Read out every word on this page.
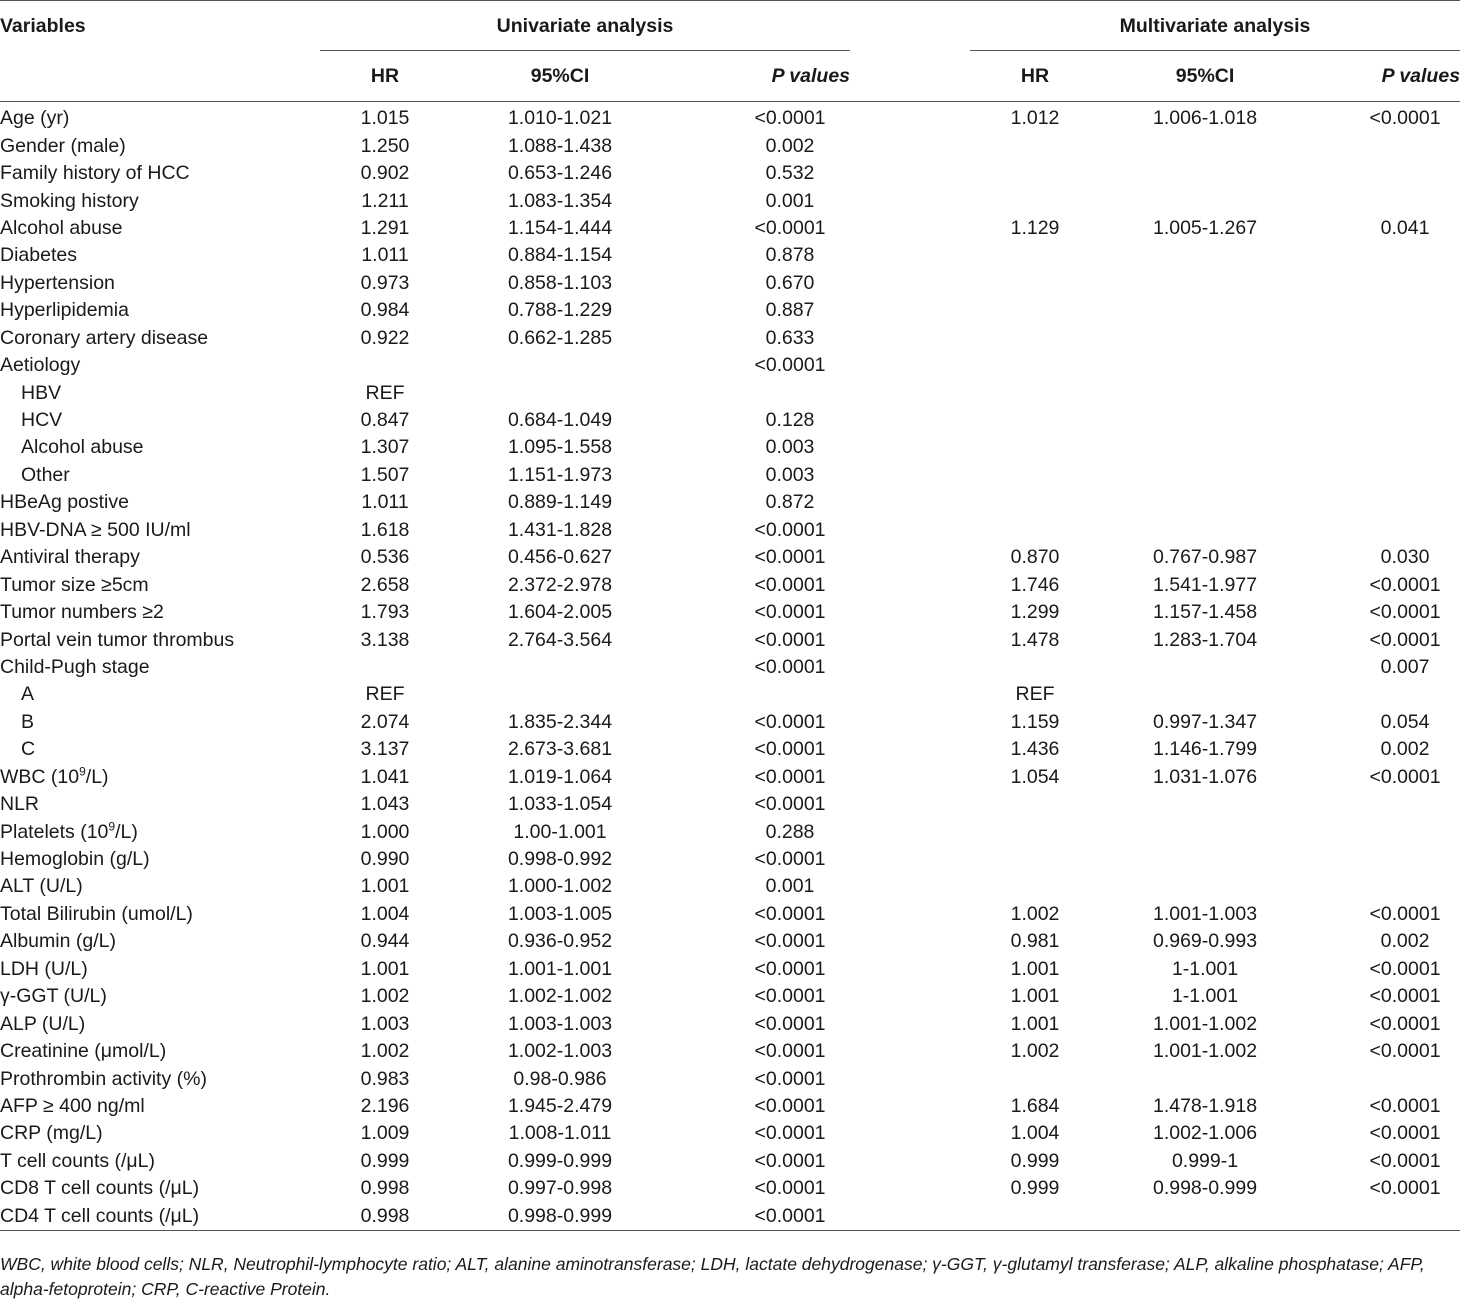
Variables	Univariate analysis				Multivariate analysis		
	HR	95%CI	P values		HR	95%CI	P values
Age (yr)	1.015	1.010-1.021	<0.0001		1.012	1.006-1.018	<0.0001
Gender (male)	1.250	1.088-1.438	0.002				
Family history of HCC	0.902	0.653-1.246	0.532				
Smoking history	1.211	1.083-1.354	0.001				
Alcohol abuse	1.291	1.154-1.444	<0.0001		1.129	1.005-1.267	0.041
Diabetes	1.011	0.884-1.154	0.878				
Hypertension	0.973	0.858-1.103	0.670				
Hyperlipidemia	0.984	0.788-1.229	0.887				
Coronary artery disease	0.922	0.662-1.285	0.633				
Aetiology			<0.0001				
HBV	REF						
HCV	0.847	0.684-1.049	0.128				
Alcohol abuse	1.307	1.095-1.558	0.003				
Other	1.507	1.151-1.973	0.003				
HBeAg postive	1.011	0.889-1.149	0.872				
HBV-DNA ≥ 500 IU/ml	1.618	1.431-1.828	<0.0001				
Antiviral therapy	0.536	0.456-0.627	<0.0001		0.870	0.767-0.987	0.030
Tumor size ≥5cm	2.658	2.372-2.978	<0.0001		1.746	1.541-1.977	<0.0001
Tumor numbers ≥2	1.793	1.604-2.005	<0.0001		1.299	1.157-1.458	<0.0001
Portal vein tumor thrombus	3.138	2.764-3.564	<0.0001		1.478	1.283-1.704	<0.0001
Child-Pugh stage			<0.0001				0.007
A	REF				REF		
B	2.074	1.835-2.344	<0.0001		1.159	0.997-1.347	0.054
C	3.137	2.673-3.681	<0.0001		1.436	1.146-1.799	0.002
WBC $(10^9/L)$	1.041	1.019-1.064	<0.0001		1.054	1.031-1.076	<0.0001
NLR	1.043	1.033-1.054	<0.0001				
Platelets $(10^9/L)$	1.000	1.00-1.001	0.288				
Hemoglobin (g/L)	0.990	0.998-0.992	<0.0001				
ALT (U/L)	1.001	1.000-1.002	0.001				
Total Bilirubin (umol/L)	1.004	1.003-1.005	<0.0001		1.002	1.001-1.003	<0.0001
Albumin (g/L)	0.944	0.936-0.952	<0.0001		0.981	0.969-0.993	0.002
LDH (U/L)	1.001	1.001-1.001	<0.0001		1.001	1-1.001	<0.0001
γ-GGT (U/L)	1.002	1.002-1.002	<0.0001		1.001	1-1.001	<0.0001
ALP (U/L)	1.003	1.003-1.003	<0.0001		1.001	1.001-1.002	<0.0001
Creatinine (μmol/L)	1.002	1.002-1.003	<0.0001		1.002	1.001-1.002	<0.0001
Prothrombin activity (%)	0.983	0.98-0.986	<0.0001				
AFP ≥ 400 ng/ml	2.196	1.945-2.479	<0.0001		1.684	1.478-1.918	<0.0001
CRP (mg/L)	1.009	1.008-1.011	<0.0001		1.004	1.002-1.006	<0.0001
T cell counts (/μL)	0.999	0.999-0.999	<0.0001		0.999	0.999-1	<0.0001
CD8 T cell counts (/μL)	0.998	0.997-0.998	<0.0001		0.999	0.998-0.999	<0.0001
CD4 T cell counts (/μL)	0.998	0.998-0.999	<0.0001				

WBC, white blood cells; NLR, Neutrophil-lymphocyte ratio; ALT, alanine aminotransferase; LDH, lactate dehydrogenase; γ-GGT, γ-glutamyl transferase; ALP, alkaline phosphatase; AFP, alpha-fetoprotein; CRP, C-reactive Protein.
